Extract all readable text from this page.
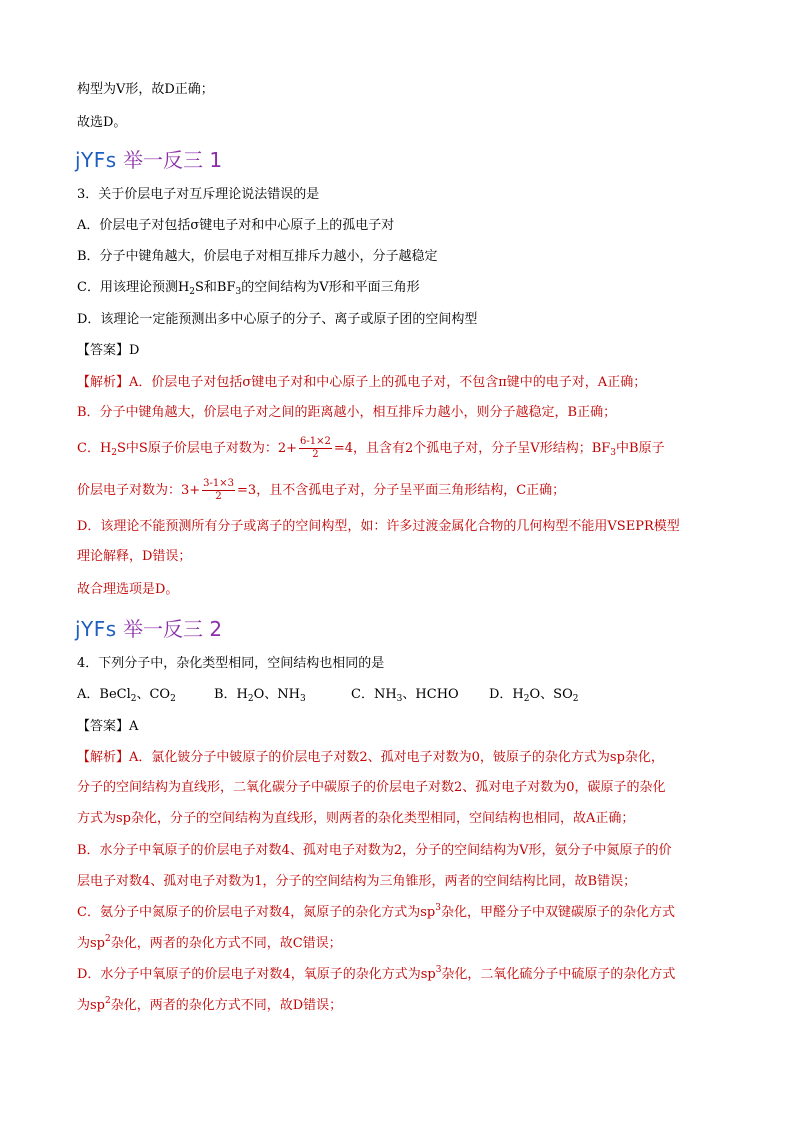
构型为V形，故D正确；
故选D。
jYFs 举一反三 1
3．关于价层电子对互斥理论说法错误的是
A．价层电子对包括σ键电子对和中心原子上的孤电子对
B．分子中键角越大，价层电子对相互排斥力越小，分子越稳定
C．用该理论预测$H_2S$和$BF_3$的空间结构为V形和平面三角形
D．该理论一定能预测出多中心原子的分子、离子或原子团的空间构型
【答案】D
【解析】A．价层电子对包括σ键电子对和中心原子上的孤电子对，不包含π键中的电子对，A正确；
B．分子中键角越大，价层电子对之间的距离越小，相互排斥力越小，则分子越稳定，B正确；
C．$H_2S$中S原子价层电子对数为：$2+ \frac{6-1\times 2}{2} =4$，且含有2个孤电子对，分子呈V形结构；$BF_3$中B原子
价层电子对数为：$3+ \frac{3-1\times 3}{2} =3$，且不含孤电子对，分子呈平面三角形结构，C正确；
D．该理论不能预测所有分子或离子的空间构型，如：许多过渡金属化合物的几何构型不能用VSEPR模型
理论解释，D错误；
故合理选项是D。
jYFs 举一反三 2
4．下列分子中，杂化类型相同，空间结构也相同的是
A．BeCl$_2$、$CO_2$	B．$H_2O$、$NH_3$	C．$NH_3$、HCHO D．$H_2O$、$SO_2$
【答案】A
【解析】A．氯化铍分子中铍原子的价层电子对数2、孤对电子对数为0，铍原子的杂化方式为sp杂化，
分子的空间结构为直线形，二氧化碳分子中碳原子的价层电子对数2、孤对电子对数为0，碳原子的杂化
方式为sp杂化，分子的空间结构为直线形，则两者的杂化类型相同，空间结构也相同，故A正确；
B．水分子中氧原子的价层电子对数4、孤对电子对数为2，分子的空间结构为V形，氨分子中氮原子的价
层电子对数4、孤对电子对数为1，分子的空间结构为三角锥形，两者的空间结构比同，故B错误；
C．氨分子中氮原子的价层电子对数4，氮原子的杂化方式为$sp^3$杂化，甲醛分子中双键碳原子的杂化方式
为$sp^2$杂化，两者的杂化方式不同，故C错误；
D．水分子中氧原子的价层电子对数4，氧原子的杂化方式为$sp^3$杂化，二氧化硫分子中硫原子的杂化方式
为$sp^2$杂化，两者的杂化方式不同，故D错误；
